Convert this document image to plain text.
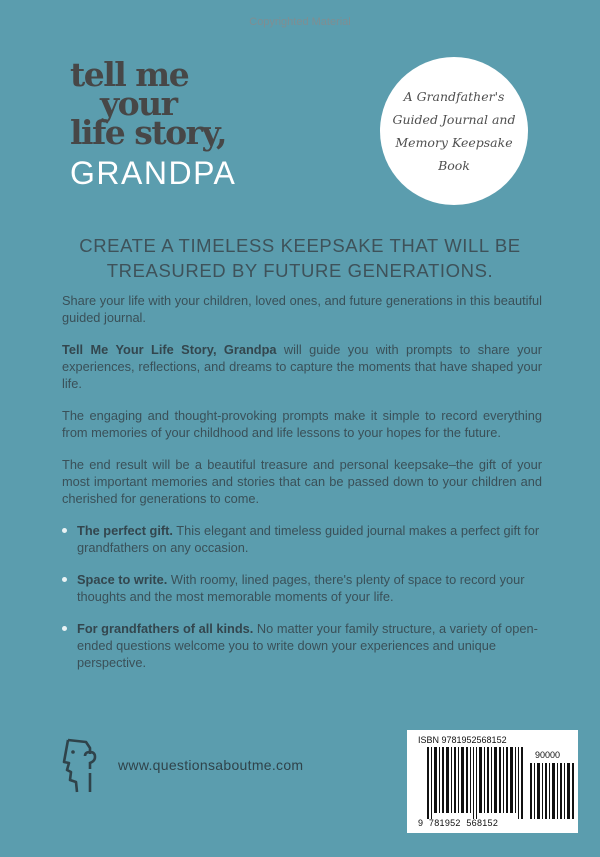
Copyrighted Material
tell me
your
life story,
GRANDPA
A Grandfather's
Guided Journal and
Memory Keepsake
Book
CREATE A TIMELESS KEEPSAKE THAT WILL BE
TREASURED BY FUTURE GENERATIONS.

Share your life with your children, loved ones, and future generations in this beautiful guided journal.

Tell Me Your Life Story, Grandpa will guide you with prompts to share your experiences, reflections, and dreams to capture the moments that have shaped your life.

The engaging and thought-provoking prompts make it simple to record everything from memories of your childhood and life lessons to your hopes for the future.

The end result will be a beautiful treasure and personal keepsake–the gift of your most important memories and stories that can be passed down to your children and cherished for generations to come.

The perfect gift. This elegant and timeless guided journal makes a perfect gift for grandfathers on any occasion.
Space to write. With roomy, lined pages, there's plenty of space to record your thoughts and the most memorable moments of your life.
For grandfathers of all kinds. No matter your family structure, a variety of open-ended questions welcome you to write down your experiences and unique perspective.
www.questionsaboutme.com
ISBN 9781952568152
90000
9  781952  568152
